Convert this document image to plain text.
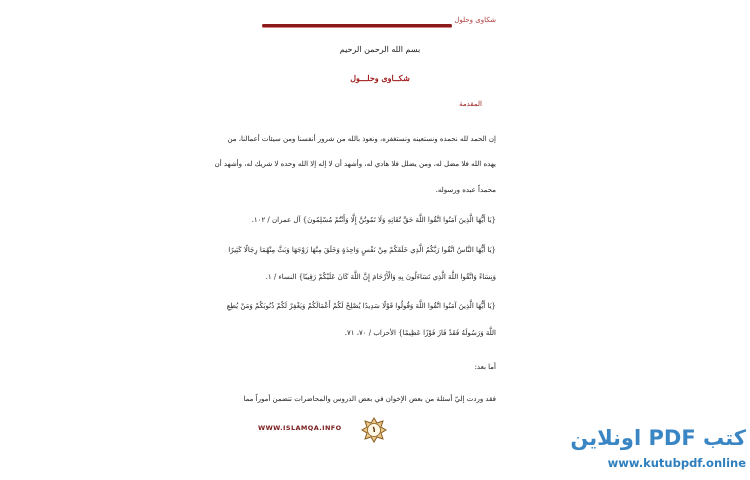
شكاوى وحلول
بسم الله الرحمن الرحيم
شكــاوى وحلـــول
المقدمة
إن الحمد لله نحمده ونستعينه ونستغفره، ونعوذ بالله من شرور أنفسنا ومن سيئات أعمالنا، من
يهده الله فلا مضل له، ومن يضلل فلا هادي له، وأشهد أن لا إله إلا الله وحده لا شريك له، وأشهد أن
محمداً عبده ورسوله.
{يَا أَيُّهَا الَّذِينَ آمَنُوا اتَّقُوا اللَّهَ حَقَّ تُقَاتِهِ وَلَا تَمُوتُنَّ إِلَّا وَأَنْتُمْ مُسْلِمُونَ} آل عمران / ١٠٢.
{يَا أَيُّهَا النَّاسُ اتَّقُوا رَبَّكُمُ الَّذِي خَلَقَكُمْ مِنْ نَفْسٍ وَاحِدَةٍ وَخَلَقَ مِنْهَا زَوْجَهَا وَبَثَّ مِنْهُمَا رِجَالًا كَثِيرًا
وَنِسَاءً وَاتَّقُوا اللَّهَ الَّذِي تَسَاءَلُونَ بِهِ وَالْأَرْحَامَ إِنَّ اللَّهَ كَانَ عَلَيْكُمْ رَقِيبًا} النساء / ١.
{يَا أَيُّهَا الَّذِينَ آمَنُوا اتَّقُوا اللَّهَ وَقُولُوا قَوْلًا سَدِيدًا يُصْلِحْ لَكُمْ أَعْمَالَكُمْ وَيَغْفِرْ لَكُمْ ذُنُوبَكُمْ وَمَنْ يُطِعِ
اللَّهَ وَرَسُولَهُ فَقَدْ فَازَ فَوْزًا عَظِيمًا} الأحزاب / ٧٠، ٧١.
أما بعد:
فقد وردت إليّ أسئلة من بعض الإخوان في بعض الدروس والمحاضرات تتضمن أموراً مما
WWW.ISLAMQA.INFO	١	كتب PDF اونلاين
www.kutubpdf.online
